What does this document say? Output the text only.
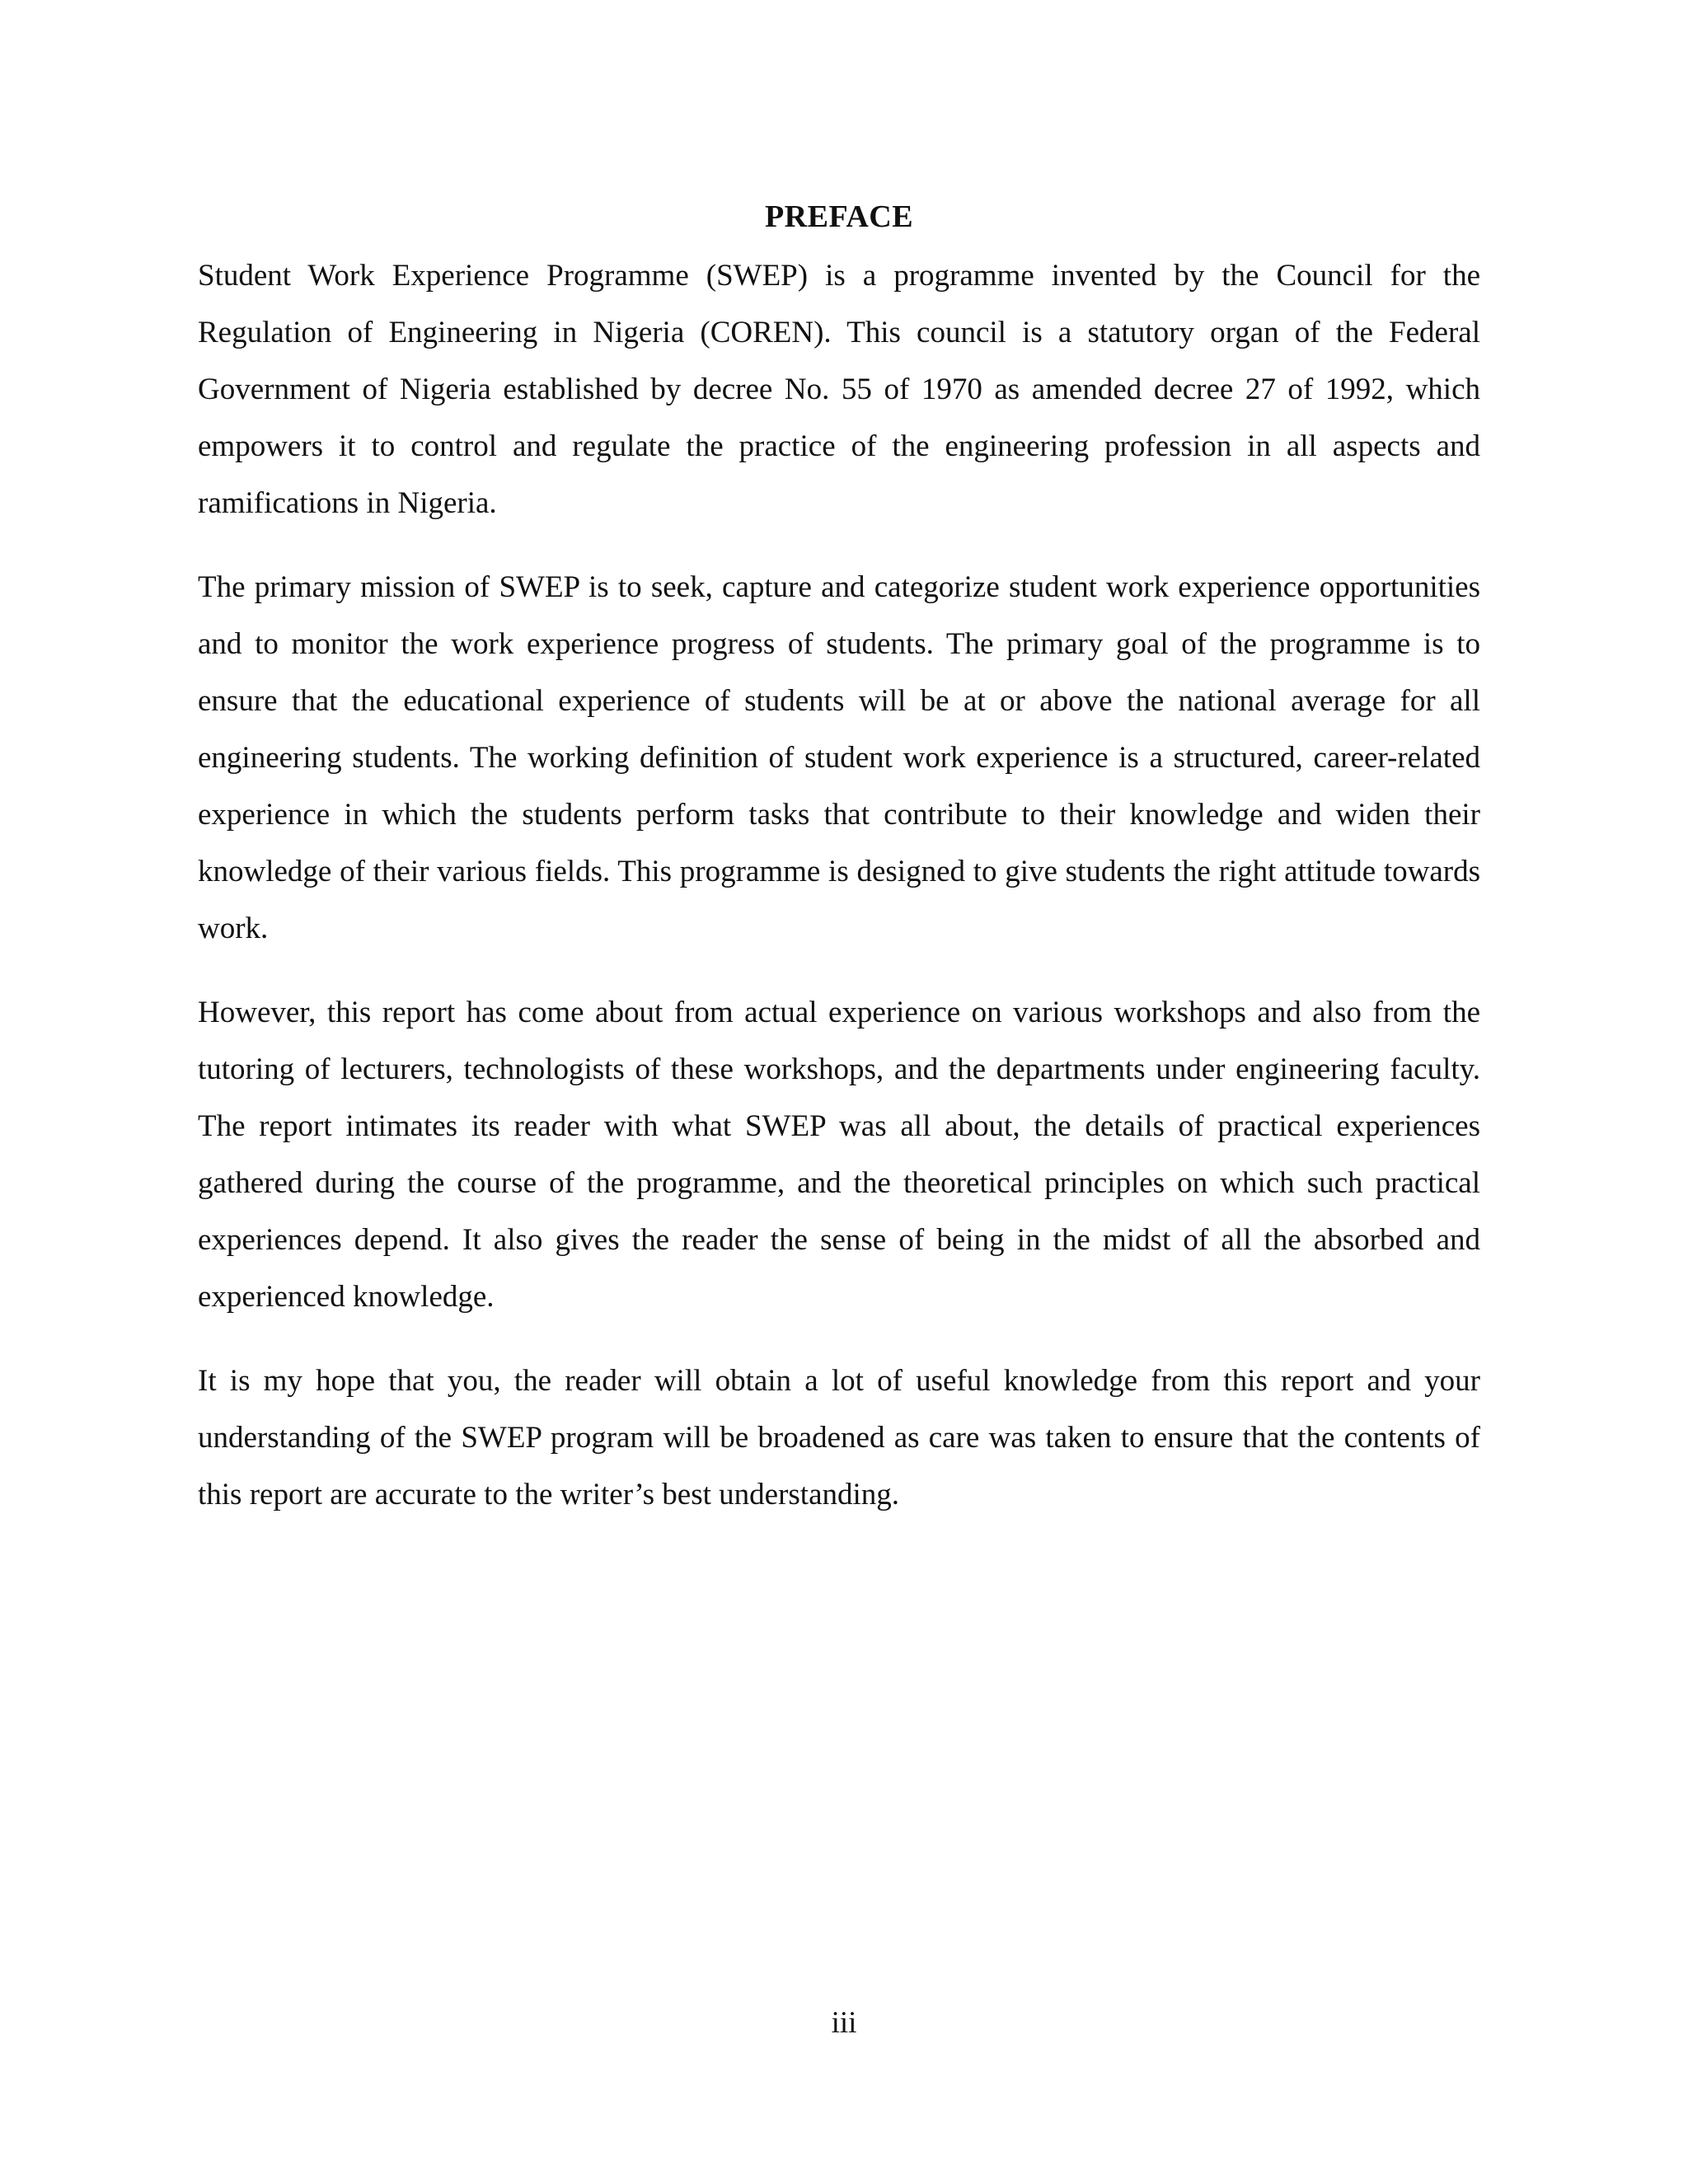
PREFACE

Student Work Experience Programme (SWEP) is a programme invented by the Council for the Regulation of Engineering in Nigeria (COREN). This council is a statutory organ of the Federal Government of Nigeria established by decree No. 55 of 1970 as amended decree 27 of 1992, which empowers it to control and regulate the practice of the engineering profession in all aspects and ramifications in Nigeria.

The primary mission of SWEP is to seek, capture and categorize student work experience opportunities and to monitor the work experience progress of students. The primary goal of the programme is to ensure that the educational experience of students will be at or above the national average for all engineering students. The working definition of student work experience is a structured, career-related experience in which the students perform tasks that contribute to their knowledge and widen their knowledge of their various fields. This programme is designed to give students the right attitude towards work.

However, this report has come about from actual experience on various workshops and also from the tutoring of lecturers, technologists of these workshops, and the departments under engineering faculty. The report intimates its reader with what SWEP was all about, the details of practical experiences gathered during the course of the programme, and the theoretical principles on which such practical experiences depend. It also gives the reader the sense of being in the midst of all the absorbed and experienced knowledge.

It is my hope that you, the reader will obtain a lot of useful knowledge from this report and your understanding of the SWEP program will be broadened as care was taken to ensure that the contents of this report are accurate to the writer’s best understanding.

iii
